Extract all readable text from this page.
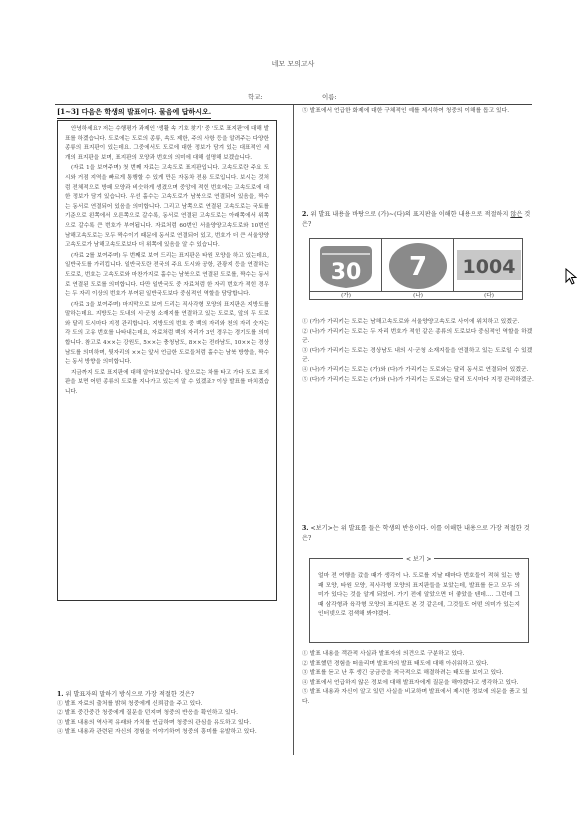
네모 모의고사
학교:	이름:
[1~3] 다음은 학생의 발표이다. 물음에 답하시오.

안녕하세요? 저는 수행평가 과제인 '생활 속 기호 찾기' 중 '도로 표지판'에 대해 발표를 하겠습니다. 도로에는 도로의 종류, 속도 제한, 주의 사항 등을 알려주는 다양한 종류의 표지판이 있는데요. 그중에서도 도로에 대한 정보가 담겨 있는 대표적인 세 개의 표지판을 보며, 표지판의 모양과 번호의 의미에 대해 설명해 보겠습니다.

(자료 1을 보여주며) 첫 번째 자료는 고속도로 표지판입니다. 고속도로란 주요 도시와 거점 지역을 빠르게 통행할 수 있게 만든 자동차 전용 도로입니다. 보시는 것처럼 전체적으로 방패 모양과 비슷하게 생겼으며 중앙에 적힌 번호에는 고속도로에 대한 정보가 담겨 있습니다. 우선 홀수는 고속도로가 남북으로 연결되어 있음을, 짝수는 동서로 연결되어 있음을 의미합니다. 그리고 남쪽으로 연결된 고속도로는 국토를 기준으로 왼쪽에서 오른쪽으로 갈수록, 동서로 연결된 고속도로는 아래쪽에서 위쪽으로 갈수록 큰 번호가 부여됩니다. 자료처럼 60번인 서울양양고속도로와 10번인 남해고속도로는 모두 짝수이기 때문에 동서로 연결되어 있고, 번호가 더 큰 서울양양고속도로가 남해고속도로보다 더 위쪽에 있음을 알 수 있습니다.

(자료 2를 보여주며) 두 번째로 보여 드리는 표지판은 타원 모양을 하고 있는데요, 일반국도를 가리킵니다. 일반국도란 전국의 주요 도시와 공항, 관광지 등을 연결하는 도로로, 번호는 고속도로와 마찬가지로 홀수는 남북으로 연결된 도로를, 짝수는 동서로 연결된 도로를 의미합니다. 다만 일반국도 중 자료처럼 한 자리 번호가 적힌 경우는 두 자리 이상의 번호가 부여된 일반국도보다 중심적인 역할을 담당합니다.

(자료 3을 보여주며) 마지막으로 보여 드리는 직사각형 모양의 표지판은 지방도를 말하는데요. 지방도는 도내의 시·군청 소재지를 연결하고 있는 도로로, 앞의 두 도로와 달리 도시마다 지정 관리합니다. 지방도의 번호 중 백의 자리와 천의 자리 숫자는 각 도의 고유 번호를 나타내는데요, 자료처럼 백의 자리가 3인 경우는 경기도를 의미합니다. 참고로 4××는 강원도, 5××는 충청남도, 8××는 전라남도, 10××는 경상남도를 의미하며, 뒷자리의 ××는 앞서 언급한 도로들처럼 홀수는 남북 방향을, 짝수는 동서 방향을 의미합니다.

지금까지 도로 표지판에 대해 알아보았습니다. 앞으로는 차를 타고 가다 도로 표지판을 보면 어떤 종류의 도로를 지나가고 있는지 알 수 있겠죠? 이상 발표를 마치겠습니다.

1. 위 발표자의 말하기 방식으로 가장 적절한 것은?
① 발표 자료의 출처를 밝혀 청중에게 신뢰감을 주고 있다.
② 발표 중간중간 청중에게 질문을 던지며 청중의 반응을 확인하고 있다.
③ 발표 내용의 역사적 유래와 가치를 언급하며 청중의 관심을 유도하고 있다.
④ 발표 내용과 관련된 자신의 경험을 이야기하여 청중의 흥미를 유발하고 있다.
⑤ 발표에서 언급한 화제에 대한 구체적인 예를 제시하여 청중의 이해를 돕고 있다.
2. 위 발표 내용을 바탕으로 (가)~(다)의 표지판을 이해한 내용으로 적절하지 않은 것은?
30 7 1004
(가)	(나)	(다)
① (가)가 가리키는 도로는 남해고속도로와 서울양양고속도로 사이에 위치하고 있겠군.
② (나)가 가리키는 도로는 두 자리 번호가 적힌 같은 종류의 도로보다 중심적인 역할을 하겠군.
③ (다)가 가리키는 도로는 경상남도 내의 시·군청 소재지들을 연결하고 있는 도로일 수 있겠군.
④ (나)가 가리키는 도로는 (가)와 (다)가 가리키는 도로와는 달리 동서로 연결되어 있겠군.
⑤ (다)가 가리키는 도로는 (가)와 (나)가 가리키는 도로와는 달리 도시마다 지정 관리하겠군.
3. <보기>는 위 발표를 들은 학생의 반응이다. 이를 이해한 내용으로 가장 적절한 것은?
얼마 전 여행을 갔을 때가 생각이 나. 도로를 지날 때마다 번호들이 적혀 있는 방패 모양, 타원 모양, 직사각형 모양의 표지판들을 보았는데, 발표를 듣고 모두 의미가 있다는 것을 알게 되었어. 가기 전에 알았으면 더 좋았을 텐데…. 그런데 그때 삼각형과 육각형 모양의 표지판도 본 것 같은데, 그것들도 어떤 의미가 있는지 인터넷으로 검색해 봐야겠어.
< 보기 >
① 발표 내용을 객관적 사실과 발표자의 의견으로 구분하고 있다.
② 발표했던 경험을 떠올리며 발표자의 발표 태도에 대해 아쉬워하고 있다.
③ 발표를 듣고 난 후 생긴 궁금증을 적극적으로 해결하려는 태도를 보이고 있다.
④ 발표에서 언급하지 않은 정보에 대해 발표자에게 질문을 해야겠다고 생각하고 있다.
⑤ 발표 내용과 자신이 알고 있던 사실을 비교하며 발표에서 제시한 정보에 의문을 품고 있다.
